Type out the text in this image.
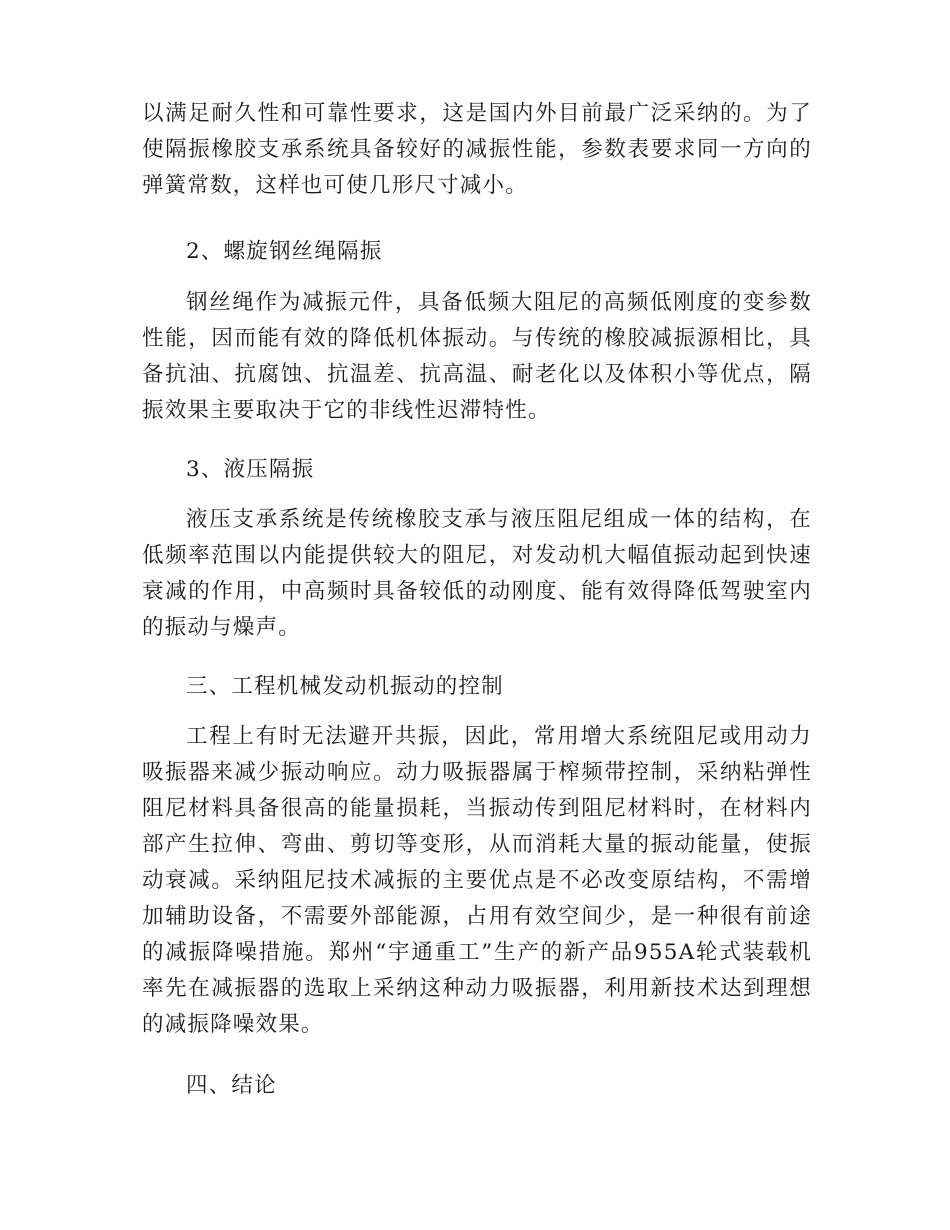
以满足耐久性和可靠性要求，这是国内外目前最广泛采纳的。为了使隔振橡胶支承系统具备较好的减振性能，参数表要求同一方向的弹簧常数，这样也可使几形尺寸减小。

2、螺旋钢丝绳隔振

钢丝绳作为减振元件，具备低频大阻尼的高频低刚度的变参数性能，因而能有效的降低机体振动。与传统的橡胶减振源相比，具备抗油、抗腐蚀、抗温差、抗高温、耐老化以及体积小等优点，隔振效果主要取决于它的非线性迟滞特性。

3、液压隔振

液压支承系统是传统橡胶支承与液压阻尼组成一体的结构，在低频率范围以内能提供较大的阻尼，对发动机大幅值振动起到快速衰减的作用，中高频时具备较低的动刚度、能有效得降低驾驶室内的振动与燥声。

三、工程机械发动机振动的控制

工程上有时无法避开共振，因此，常用增大系统阻尼或用动力吸振器来减少振动响应。动力吸振器属于榨频带控制，采纳粘弹性阻尼材料具备很高的能量损耗，当振动传到阻尼材料时，在材料内部产生拉伸、弯曲、剪切等变形，从而消耗大量的振动能量，使振动衰减。采纳阻尼技术减振的主要优点是不必改变原结构，不需增加辅助设备，不需要外部能源，占用有效空间少，是一种很有前途的减振降噪措施。郑州“宇通重工”生产的新产品955A轮式装载机率先在减振器的选取上采纳这种动力吸振器，利用新技术达到理想的减振降噪效果。

四、结论
